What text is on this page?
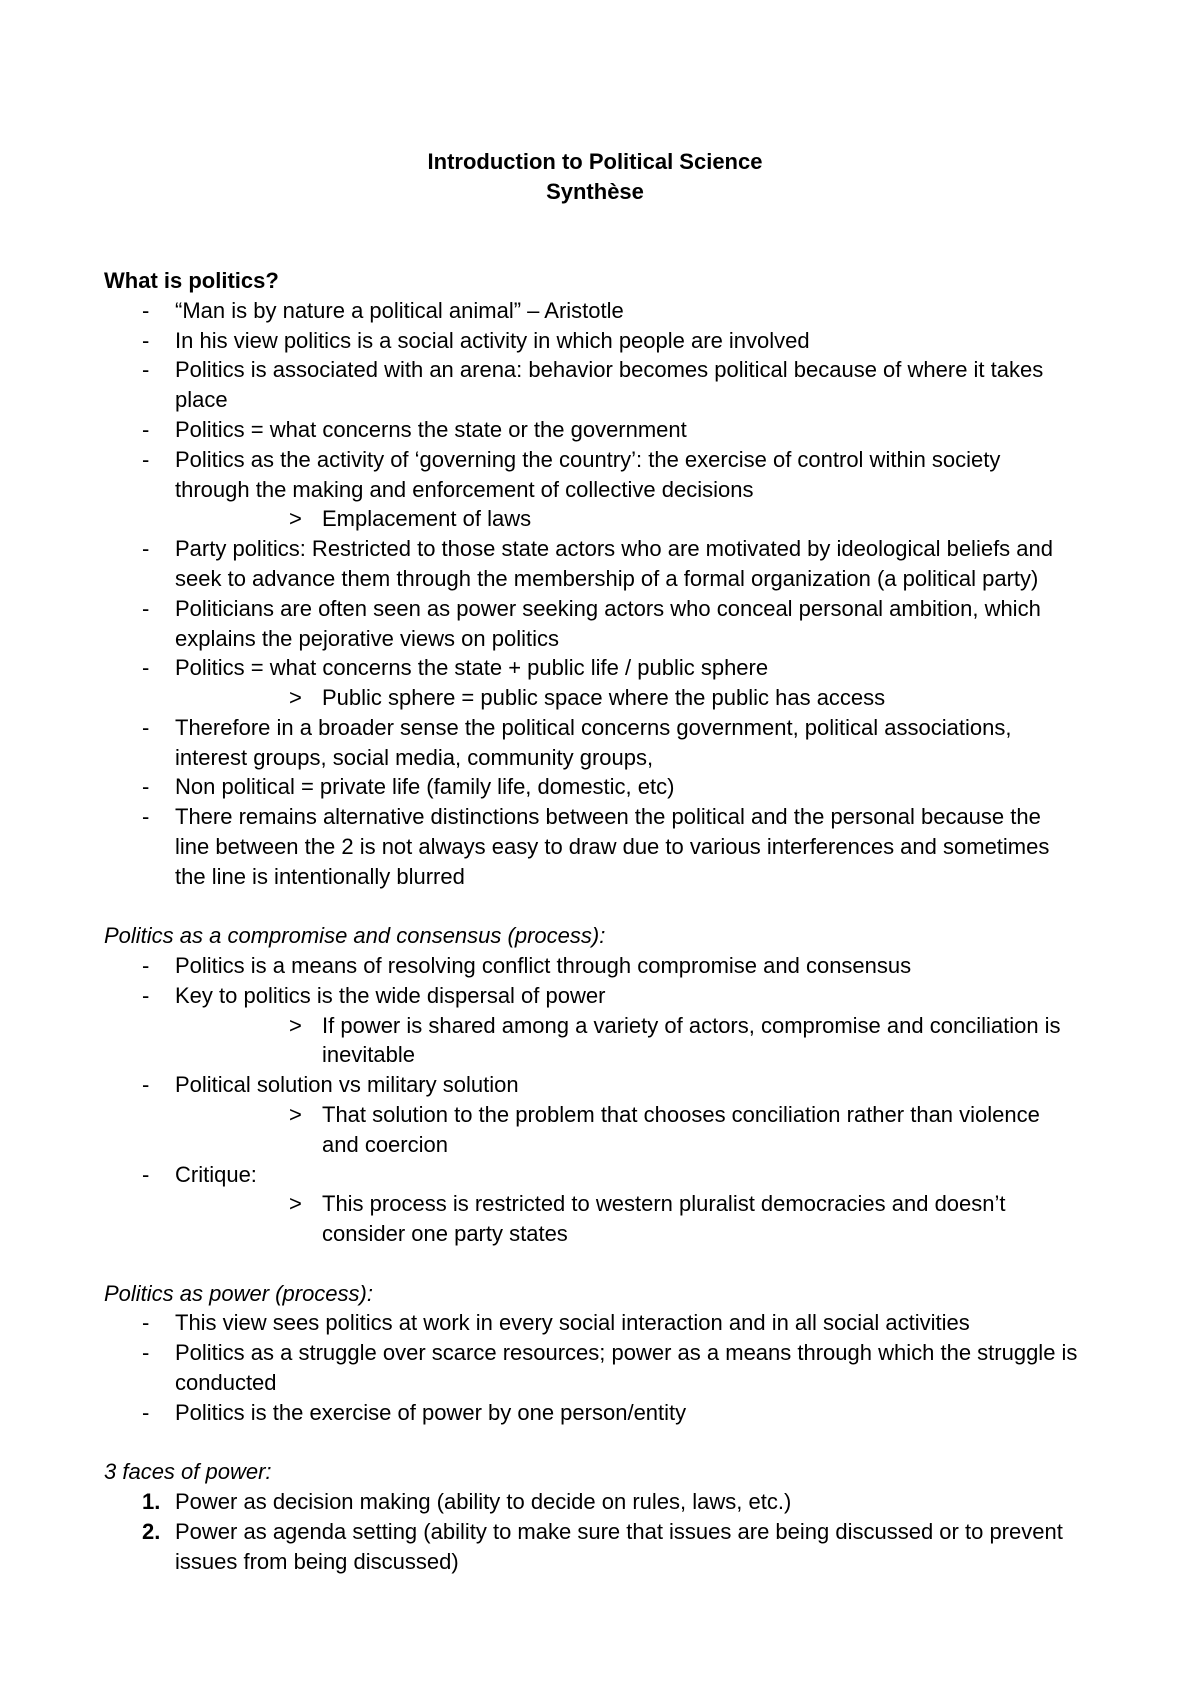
Introduction to Political Science
Synthèse
What is politics?
- “Man is by nature a political animal” – Aristotle
- In his view politics is a social activity in which people are involved
- Politics is associated with an arena: behavior becomes political because of where it takes
place
- Politics = what concerns the state or the government
- Politics as the activity of ‘governing the country’: the exercise of control within society
through the making and enforcement of collective decisions
> Emplacement of laws
- Party politics: Restricted to those state actors who are motivated by ideological beliefs and
seek to advance them through the membership of a formal organization (a political party)
- Politicians are often seen as power seeking actors who conceal personal ambition, which
explains the pejorative views on politics
- Politics = what concerns the state + public life / public sphere
> Public sphere = public space where the public has access
- Therefore in a broader sense the political concerns government, political associations,
interest groups, social media, community groups,
- Non political = private life (family life, domestic, etc)
- There remains alternative distinctions between the political and the personal because the
line between the 2 is not always easy to draw due to various interferences and sometimes
the line is intentionally blurred
Politics as a compromise and consensus (process):
- Politics is a means of resolving conflict through compromise and consensus
- Key to politics is the wide dispersal of power
> If power is shared among a variety of actors, compromise and conciliation is
inevitable
- Political solution vs military solution
> That solution to the problem that chooses conciliation rather than violence
and coercion
- Critique:
> This process is restricted to western pluralist democracies and doesn’t
consider one party states
Politics as power (process):
- This view sees politics at work in every social interaction and in all social activities
- Politics as a struggle over scarce resources; power as a means through which the struggle is
conducted
- Politics is the exercise of power by one person/entity
3 faces of power:
1. Power as decision making (ability to decide on rules, laws, etc.)
2. Power as agenda setting (ability to make sure that issues are being discussed or to prevent
issues from being discussed)
